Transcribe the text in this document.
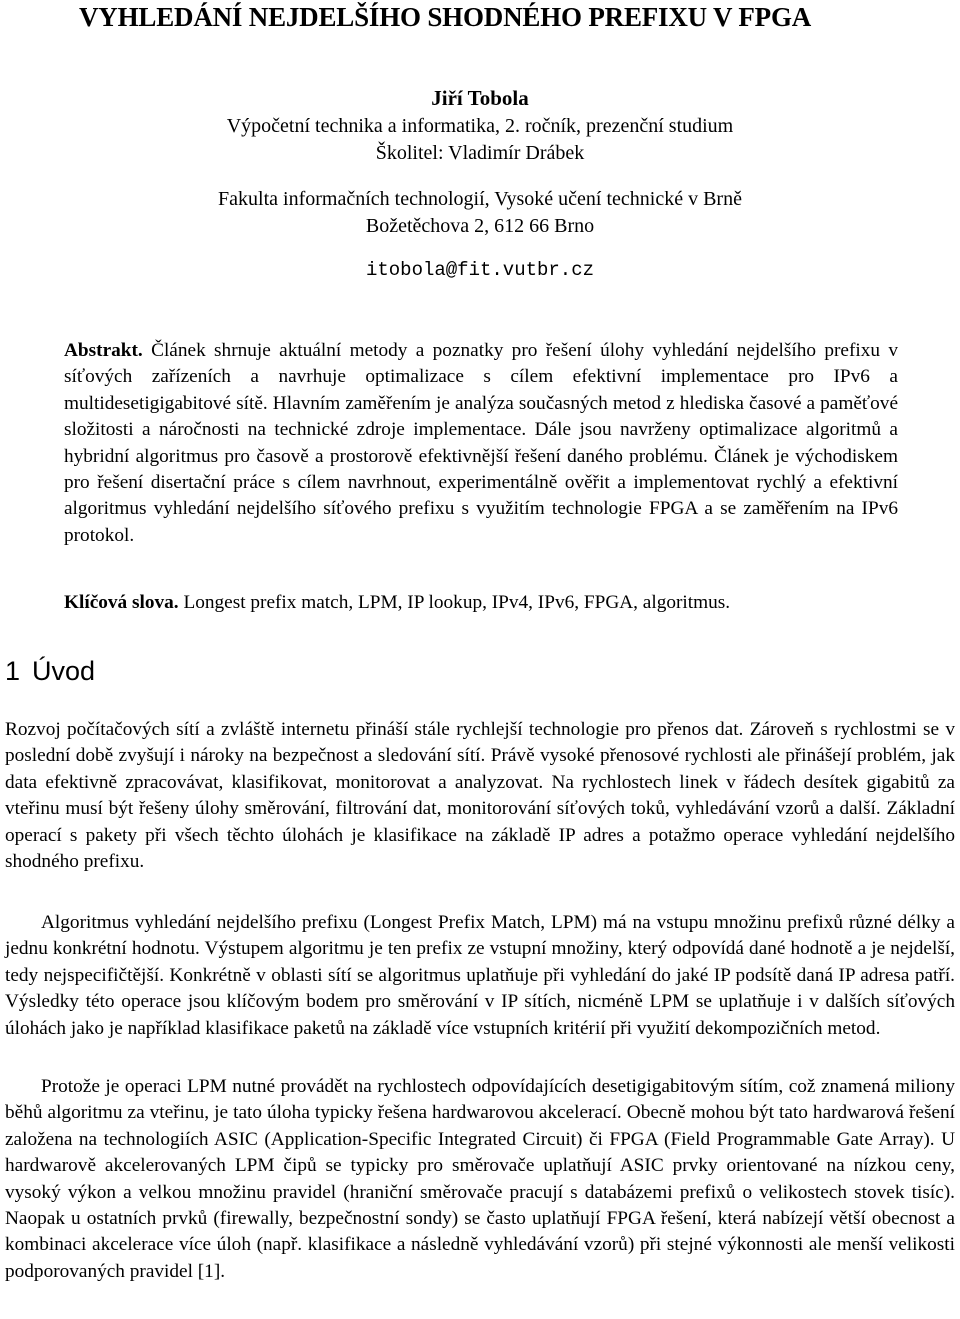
VYHLEDÁNÍ NEJDELŠÍHO SHODNÉHO PREFIXU V FPGA
Jiří Tobola
Výpočetní technika a informatika, 2. ročník, prezenční studium
Školitel: Vladimír Drábek
Fakulta informačních technologií, Vysoké učení technické v Brně
Božetěchova 2, 612 66 Brno
itobola@fit.vutbr.cz

Abstrakt. Článek shrnuje aktuální metody a poznatky pro řešení úlohy vyhledání nejdelšího prefixu v síťových zařízeních a navrhuje optimalizace s cílem efektivní implementace pro IPv6 a multidesetigigabitové sítě. Hlavním zaměřením je analýza současných metod z hlediska časové a paměťové složitosti a náročnosti na technické zdroje implementace. Dále jsou navrženy optimalizace algoritmů a hybridní algoritmus pro časově a prostorově efektivnější řešení daného problému. Článek je východiskem pro řešení disertační práce s cílem navrhnout, experimentálně ověřit a implementovat rychlý a efektivní algoritmus vyhledání nejdelšího síťového prefixu s využitím technologie FPGA a se zaměřením na IPv6 protokol.

Klíčová slova. Longest prefix match, LPM, IP lookup, IPv4, IPv6, FPGA, algoritmus.

1 Úvod

Rozvoj počítačových sítí a zvláště internetu přináší stále rychlejší technologie pro přenos dat. Zároveň s rychlostmi se v poslední době zvyšují i nároky na bezpečnost a sledování sítí. Právě vysoké přenosové rychlosti ale přinášejí problém, jak data efektivně zpracovávat, klasifikovat, monitorovat a analyzovat. Na rychlostech linek v řádech desítek gigabitů za vteřinu musí být řešeny úlohy směrování, filtrování dat, monitorování síťových toků, vyhledávání vzorů a další. Základní operací s pakety při všech těchto úlohách je klasifikace na základě IP adres a potažmo operace vyhledání nejdelšího shodného prefixu.

Algoritmus vyhledání nejdelšího prefixu (Longest Prefix Match, LPM) má na vstupu množinu prefixů různé délky a jednu konkrétní hodnotu. Výstupem algoritmu je ten prefix ze vstupní množiny, který odpovídá dané hodnotě a je nejdelší, tedy nejspecifičtější. Konkrétně v oblasti sítí se algoritmus uplatňuje při vyhledání do jaké IP podsítě daná IP adresa patří. Výsledky této operace jsou klíčovým bodem pro směrování v IP sítích, nicméně LPM se uplatňuje i v dalších síťových úlohách jako je například klasifikace paketů na základě více vstupních kritérií při využití dekompozičních metod.

Protože je operaci LPM nutné provádět na rychlostech odpovídajících desetigigabitovým sítím, což znamená miliony běhů algoritmu za vteřinu, je tato úloha typicky řešena hardwarovou akcelerací. Obecně mohou být tato hardwarová řešení založena na technologiích ASIC (Application-Specific Integrated Circuit) či FPGA (Field Programmable Gate Array). U hardwarově akcelerovaných LPM čipů se typicky pro směrovače uplatňují ASIC prvky orientované na nízkou ceny, vysoký výkon a velkou množinu pravidel (hraniční směrovače pracují s databázemi prefixů o velikostech stovek tisíc). Naopak u ostatních prvků (firewally, bezpečnostní sondy) se často uplatňují FPGA řešení, která nabízejí větší obecnost a kombinaci akcelerace více úloh (např. klasifikace a následně vyhledávání vzorů) při stejné výkonnosti ale menší velikosti podporovaných pravidel [1].
